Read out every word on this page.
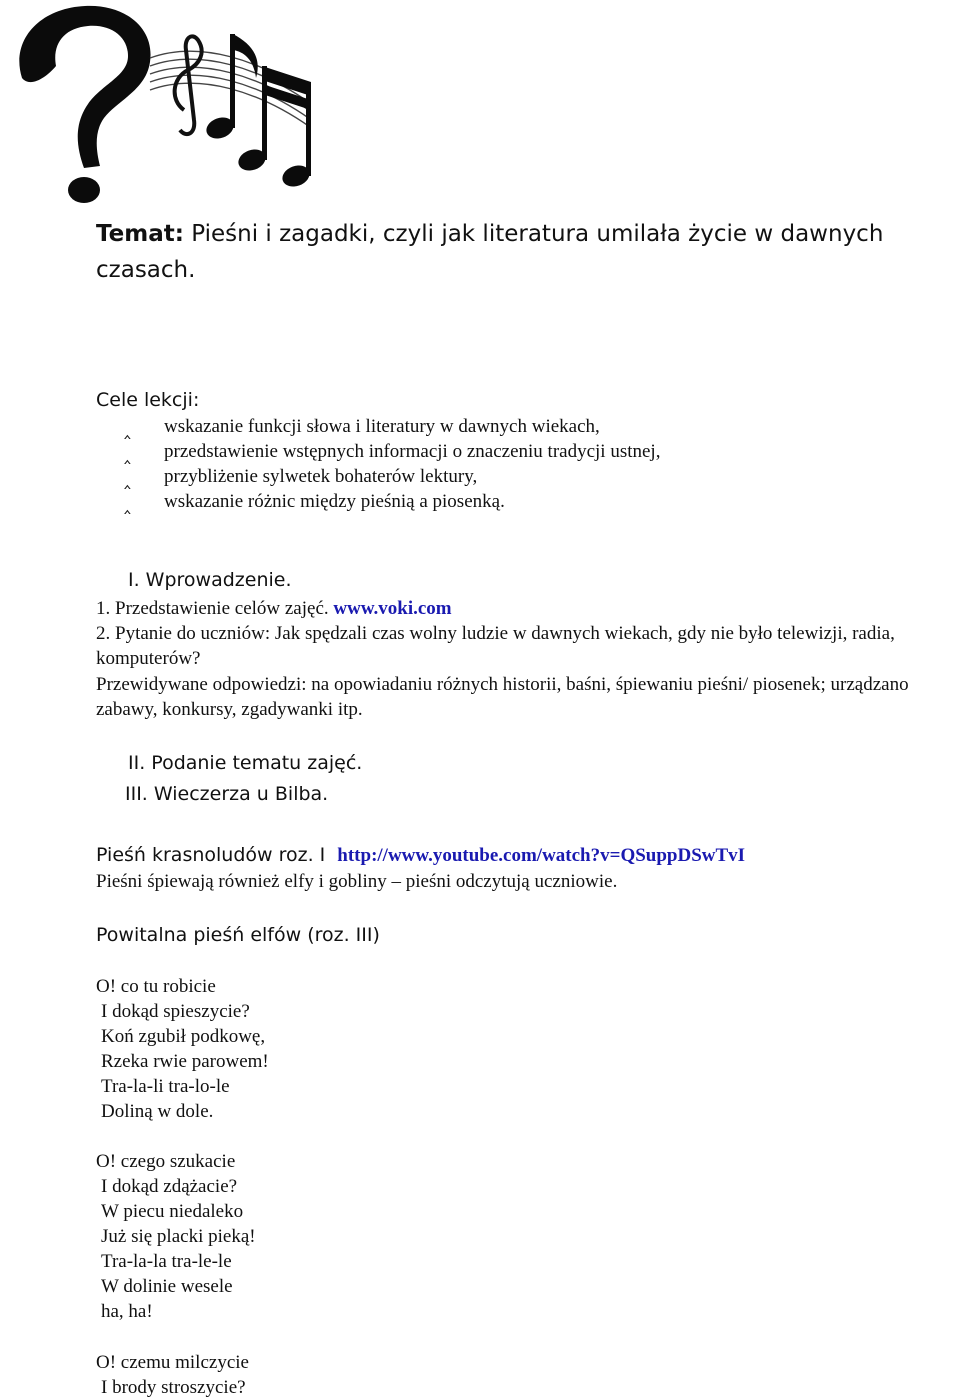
Temat: Pieśni i zagadki, czyli jak literatura umilała życie w dawnych czasach.
Cele lekcji:
‸	wskazanie funkcji słowa i literatury w dawnych wiekach,
‸	przedstawienie wstępnych informacji o znaczeniu tradycji ustnej,
‸	przybliżenie sylwetek bohaterów lektury,
‸	wskazanie różnic między pieśnią a piosenką.
I. Wprowadzenie.
1. Przedstawienie celów zajęć. www.voki.com
2. Pytanie do uczniów: Jak spędzali czas wolny ludzie w dawnych wiekach, gdy nie było telewizji, radia, komputerów?
Przewidywane odpowiedzi: na opowiadaniu różnych historii, baśni, śpiewaniu pieśni/ piosenek; urządzano zabawy, konkursy, zgadywanki itp.
II. Podanie tematu zajęć.
III. Wieczerza u Bilba.
Pieśń krasnoludów roz. I http://www.youtube.com/watch?v=QSuppDSwTvI
Pieśni śpiewają również elfy i gobliny – pieśni odczytują uczniowie.
Powitalna pieśń elfów (roz. III)
O! co tu robicie
I dokąd spieszycie?
Koń zgubił podkowę,
Rzeka rwie parowem!
Tra-la-li tra-lo-le
Doliną w dole.
O! czego szukacie
I dokąd zdążacie?
W piecu niedaleko
Już się placki pieką!
Tra-la-la tra-le-le
W dolinie wesele
ha, ha!
O! czemu milczycie
I brody stroszycie?
